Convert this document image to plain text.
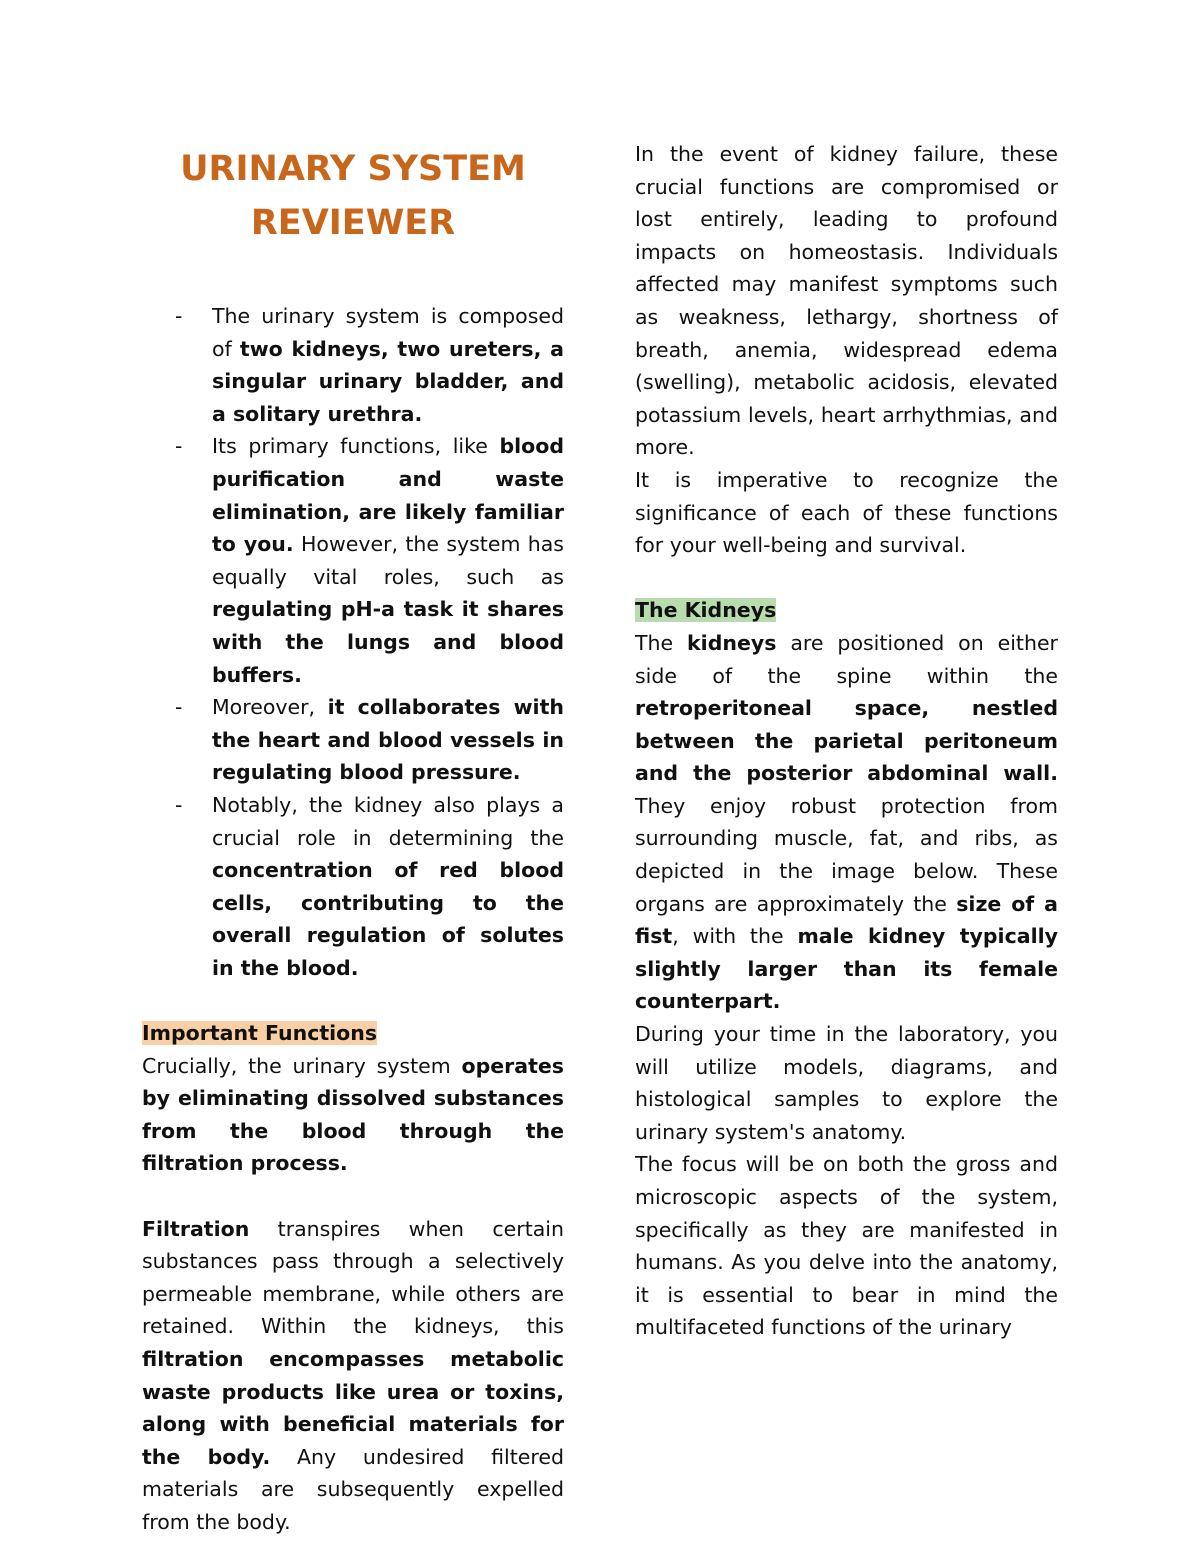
URINARY SYSTEM
REVIEWER
- The urinary system is composed of two kidneys, two ureters, a singular urinary bladder, and a solitary urethra.
- Its primary functions, like blood purification and waste elimination, are likely familiar to you. However, the system has equally vital roles, such as regulating pH-a task it shares with the lungs and blood buffers.
- Moreover, it collaborates with the heart and blood vessels in regulating blood pressure.
- Notably, the kidney also plays a crucial role in determining the concentration of red blood cells, contributing to the overall regulation of solutes in the blood.

Important Functions

Crucially, the urinary system operates by eliminating dissolved substances from the blood through the filtration process.

Filtration transpires when certain substances pass through a selectively permeable membrane, while others are retained. Within the kidneys, this filtration encompasses metabolic waste products like urea or toxins, along with beneficial materials for the body. Any undesired filtered materials are subsequently expelled from the body.

In the event of kidney failure, these crucial functions are compromised or lost entirely, leading to profound impacts on homeostasis. Individuals affected may manifest symptoms such as weakness, lethargy, shortness of breath, anemia, widespread edema (swelling), metabolic acidosis, elevated potassium levels, heart arrhythmias, and more.

It is imperative to recognize the significance of each of these functions for your well-being and survival.

The Kidneys

The kidneys are positioned on either side of the spine within the retroperitoneal space, nestled between the parietal peritoneum and the posterior abdominal wall. They enjoy robust protection from surrounding muscle, fat, and ribs, as depicted in the image below. These organs are approximately the size of a fist, with the male kidney typically slightly larger than its female counterpart.

During your time in the laboratory, you will utilize models, diagrams, and histological samples to explore the urinary system's anatomy.

The focus will be on both the gross and microscopic aspects of the system, specifically as they are manifested in humans. As you delve into the anatomy, it is essential to bear in mind the multifaceted functions of the urinary
